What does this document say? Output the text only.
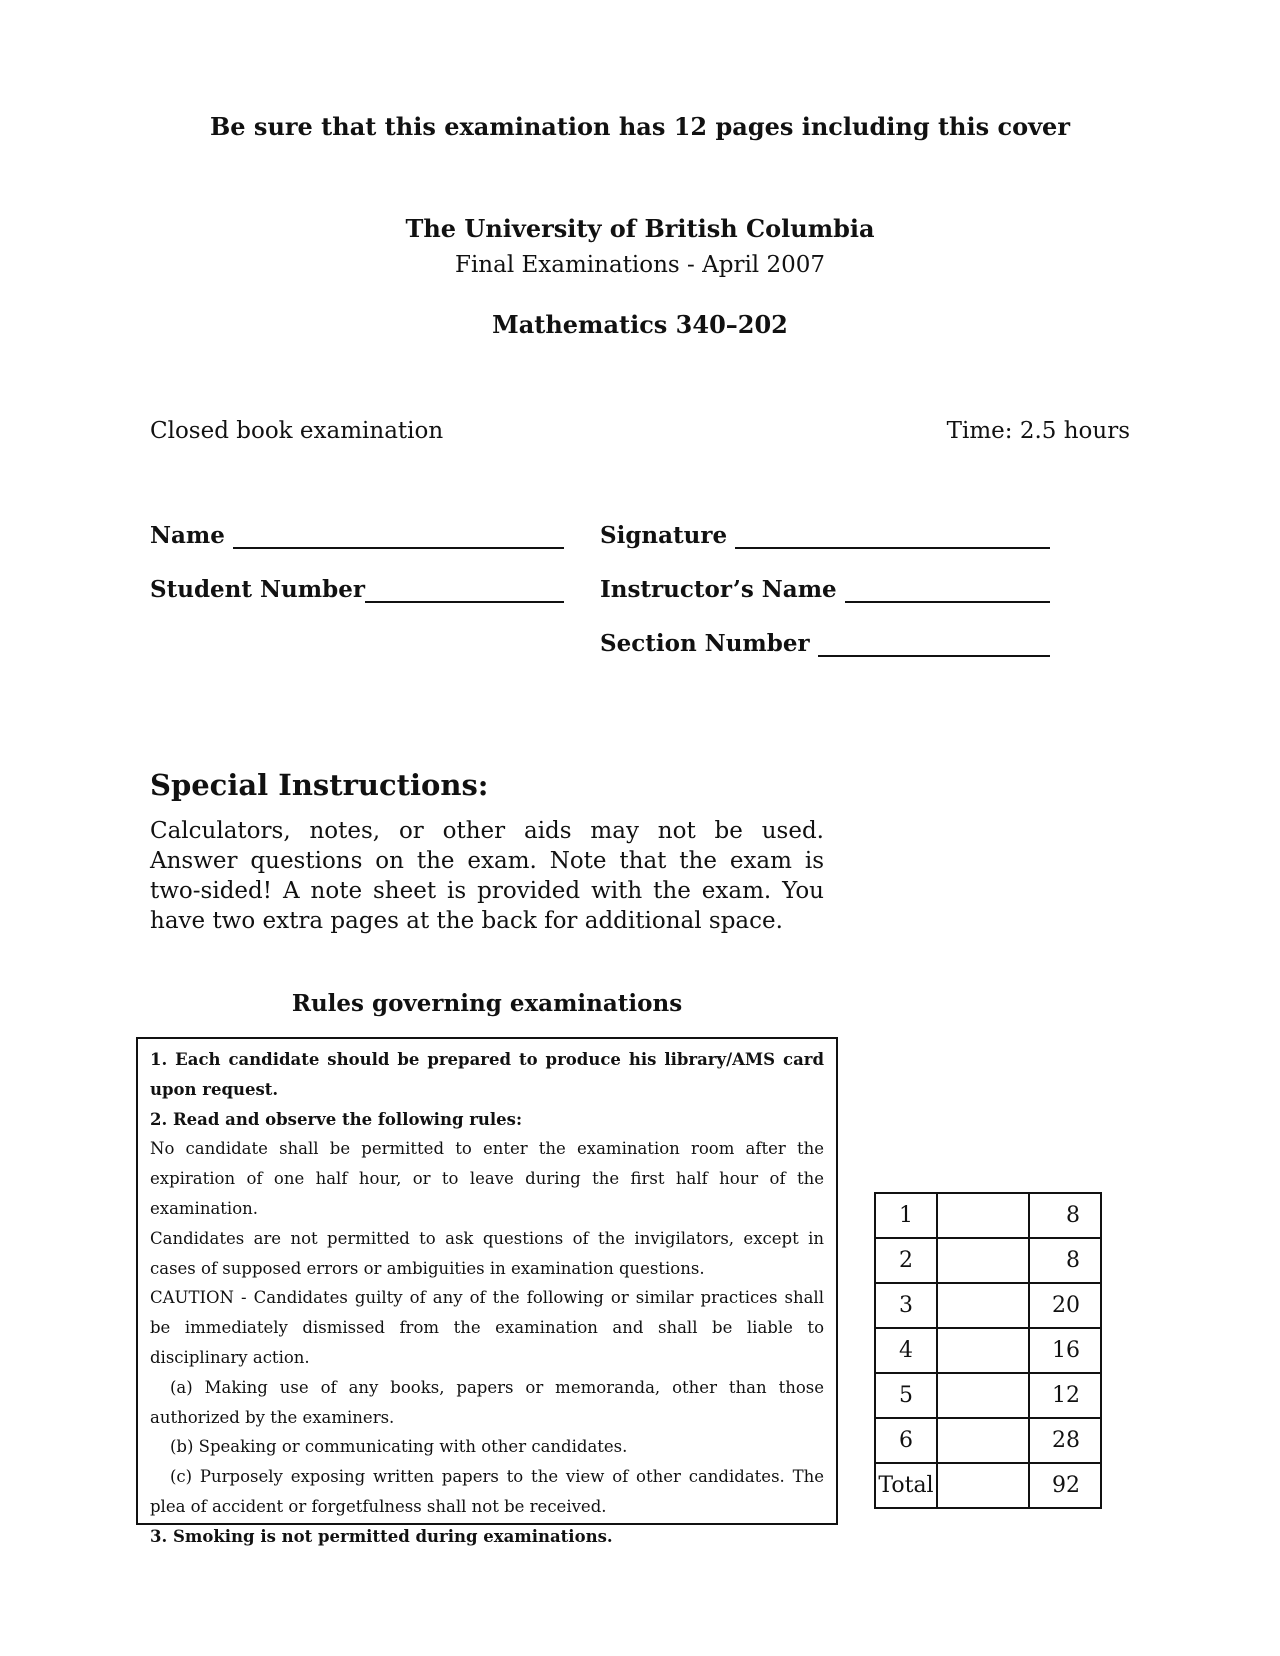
Be sure that this examination has 12 pages including this cover
The University of British Columbia
Final Examinations - April 2007
Mathematics 340–202
Closed book examination	Time: 2.5 hours
Name
Student Number
Signature
Instructor’s Name
Section Number
Special Instructions:
Calculators, notes, or other aids may not be used. Answer questions on the exam. Note that the exam is two-sided! A note sheet is provided with the exam. You have two extra pages at the back for additional space.
Rules governing examinations

1. Each candidate should be prepared to produce his library/AMS card upon request.

2. Read and observe the following rules:

No candidate shall be permitted to enter the examination room after the expiration of one half hour, or to leave during the first half hour of the examination.

Candidates are not permitted to ask questions of the invigilators, except in cases of supposed errors or ambiguities in examination questions.

CAUTION - Candidates guilty of any of the following or similar practices shall be immediately dismissed from the examination and shall be liable to disciplinary action.

(a) Making use of any books, papers or memoranda, other than those authorized by the examiners.

(b) Speaking or communicating with other candidates.

(c) Purposely exposing written papers to the view of other candidates. The plea of accident or forgetfulness shall not be received.

3. Smoking is not permitted during examinations.

1		8
2		8
3		20
4		16
5		12
6		28
Total		92
